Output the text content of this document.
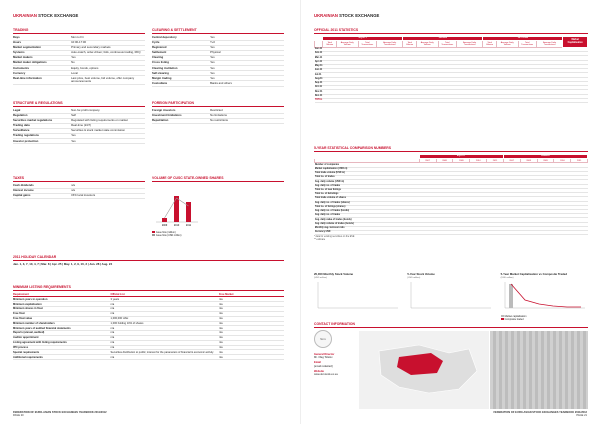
UKRAINIAN STOCK EXCHANGE
TRADING
Days	Mon to Fri
Hours	10:00-17:00
Market segmentation	Primary and secondary markets
Systems	Auto-match, order-driven; bids, continuous trading, RFQ
Market makers	Yes
Market maker obligations	No
Instruments	Equity, bonds, options
Currency	Local
Real-time information	Last price, best volume, bid volume, offer company announcements
CLEARING & SETTLEMENT
Central depository	Yes
Cycle	T+0
Registered	Yes
Settlement	Physical
Clearing	Yes
Cross listing	Yes
Clearing institution	Yes
Self-clearing	Yes
Margin trading	Yes
Custodians	Banks and others
STRUCTURE & REGULATIONS
Legal	Non-for-profit company
Regulation	Self
Securities market regulations	Regulated with listing requirements on market
Trading data	Real-time (24/7)
Surveillance	Securities & stock market state commission
Trading regulations	Yes
Investor protection	Yes
FOREIGN PARTICIPATION
Foreign investors	Restricted
Investment limitations	No limitations
Repatriation	No restrictions
TAXES
Cash dividends	n/a
Interest income	n/a
Capital gains	15% local investors
VOLUME OF CUSC STATE-OWNED SHARES
2009	2010	2011
Issue flow (million)
Issue flow (USD million)
2011 HOLIDAY CALENDAR
Jan. 1, 3, 7, 10, 4, 7 | Mar. 8 | Apr. 25 | May. 1, 2, 9, 10, 3 | Jun. 28 | Aug. 24
MINIMUM LISTING REQUIREMENTS
Requirement	Official List	Free Market
Minimum years in operation	3 years	n/a
Minimum capitalisation	n/a	n/a
Minimum shares in float	n/a	n/a
Free float	n/a	n/a
Free float value	1,000,000 UAH	n/a
Minimum number of shareholders	1,000 holding 10% of shares	n/a
Minimum years of audited financial statements	n/a	n/a
Reports (annual, audited)	n/a	n/a
Auditor appointment	n/a	n/a
Listing agreement with listing requirements	n/a	n/a
IPO process	n/a	n/a
Special requirements	Securities distribution to public; interest for the parameters of financial & economic activity	n/a
Additional requirements	n/a	n/a
FEDERATION OF EURO-ASIAN STOCK EXCHANGES YEARBOOK 2011/2012
PAGE 20
UKRAINIAN STOCK EXCHANGE
OFFICIAL 2011 STATISTICS
	EQUITY				BONDS				OPTIONS				Market Capitalisation
	Total Volume	Average Daily Volume	Total Transactions	Average Daily Transactions	Total Volume	Average Daily Volume	Total Transactions	Average Daily Transactions	Total Volume	Average Daily Volume	Total Transactions	Average Daily Transactions	
Jan-11													
Feb-11													
Mar-11													
Apr-11													
May-11													
Jun-11													
Jul-11													
Aug-11													
Sep-11													
Oct-11													
Nov-11													
Dec-11													
TOTAL													
5-YEAR STATISTICAL COMPARISON NUMBERS
	EQUITY					BONDS				
	2007	2008	2009	2010	2011	2007	2008	2009	2010	2011
Number of companies										
Market capitalisation (USD m)										
Total trade volume (USD m)										
Total no. of trades										
Avg. daily volume (USD m)										
Avg. daily no. of trades										
Total no. of new listings										
Total no. of delistings										
Total trade volume of shares										
Avg. daily no. of trades (shares)										
Total no. of listings (shares)										
Avg. daily no. of trades (bonds)										
Avg. daily no. of trades										
Avg. daily value of trades (bonds)										
Avg. daily volume of trades (bonds)										
Monthly avg. turnover ratio										
Currency USD										
* data for existing securities on the ESE
** estimate
20,000 Monthly Stock Volume
(USD million)
5-Year Stock Volume
(USD million)
5-Year Market Capitalisation vs Composite Traded
(USD million)
Market capitalisation
Composite traded
CONTACT INFORMATION
SEAL
General Director
Mr. Oleg Tolstov
Email
[email redacted]
Website
www.ukr.stock-ex.ua
FEDERATION OF EURO-ASIAN STOCK EXCHANGES YEARBOOK 2011/2012
PAGE 21
